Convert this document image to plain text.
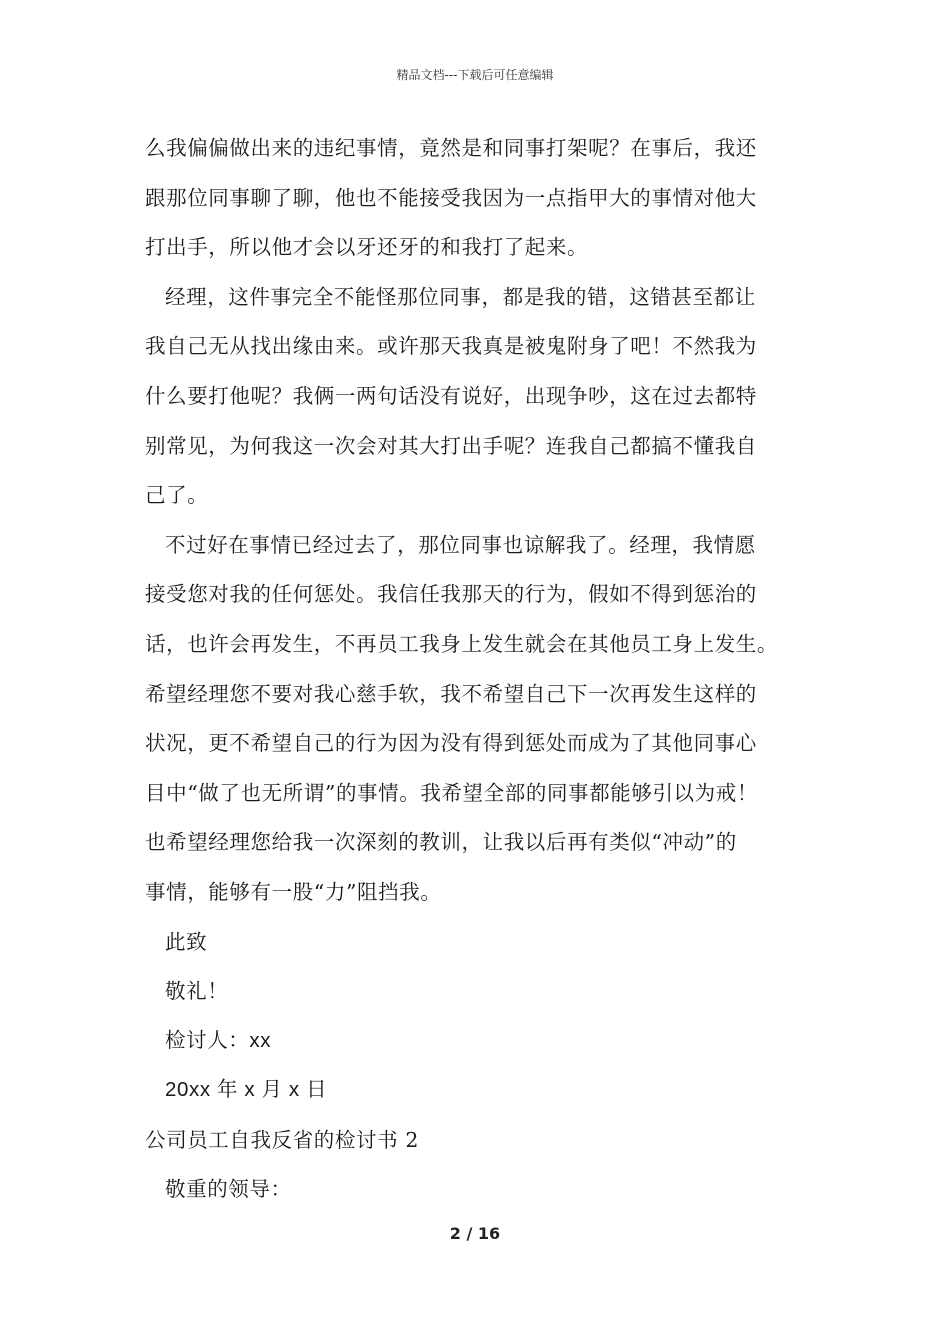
精品文档---下载后可任意编辑
么我偏偏做出来的违纪事情，竟然是和同事打架呢？在事后，我还
跟那位同事聊了聊，他也不能接受我因为一点指甲大的事情对他大
打出手，所以他才会以牙还牙的和我打了起来。
经理，这件事完全不能怪那位同事，都是我的错，这错甚至都让
我自己无从找出缘由来。或许那天我真是被鬼附身了吧！不然我为
什么要打他呢？我俩一两句话没有说好，出现争吵，这在过去都特
别常见，为何我这一次会对其大打出手呢？连我自己都搞不懂我自
己了。
不过好在事情已经过去了，那位同事也谅解我了。经理，我情愿
接受您对我的任何惩处。我信任我那天的行为，假如不得到惩治的
话，也许会再发生，不再员工我身上发生就会在其他员工身上发生。
希望经理您不要对我心慈手软，我不希望自己下一次再发生这样的
状况，更不希望自己的行为因为没有得到惩处而成为了其他同事心
目中“做了也无所谓”的事情。我希望全部的同事都能够引以为戒！
也希望经理您给我一次深刻的教训，让我以后再有类似“冲动”的
事情，能够有一股“力”阻挡我。
此致
敬礼！
检讨人：xx
20xx 年 x 月 x 日
公司员工自我反省的检讨书 2
敬重的领导：
2 / 16
